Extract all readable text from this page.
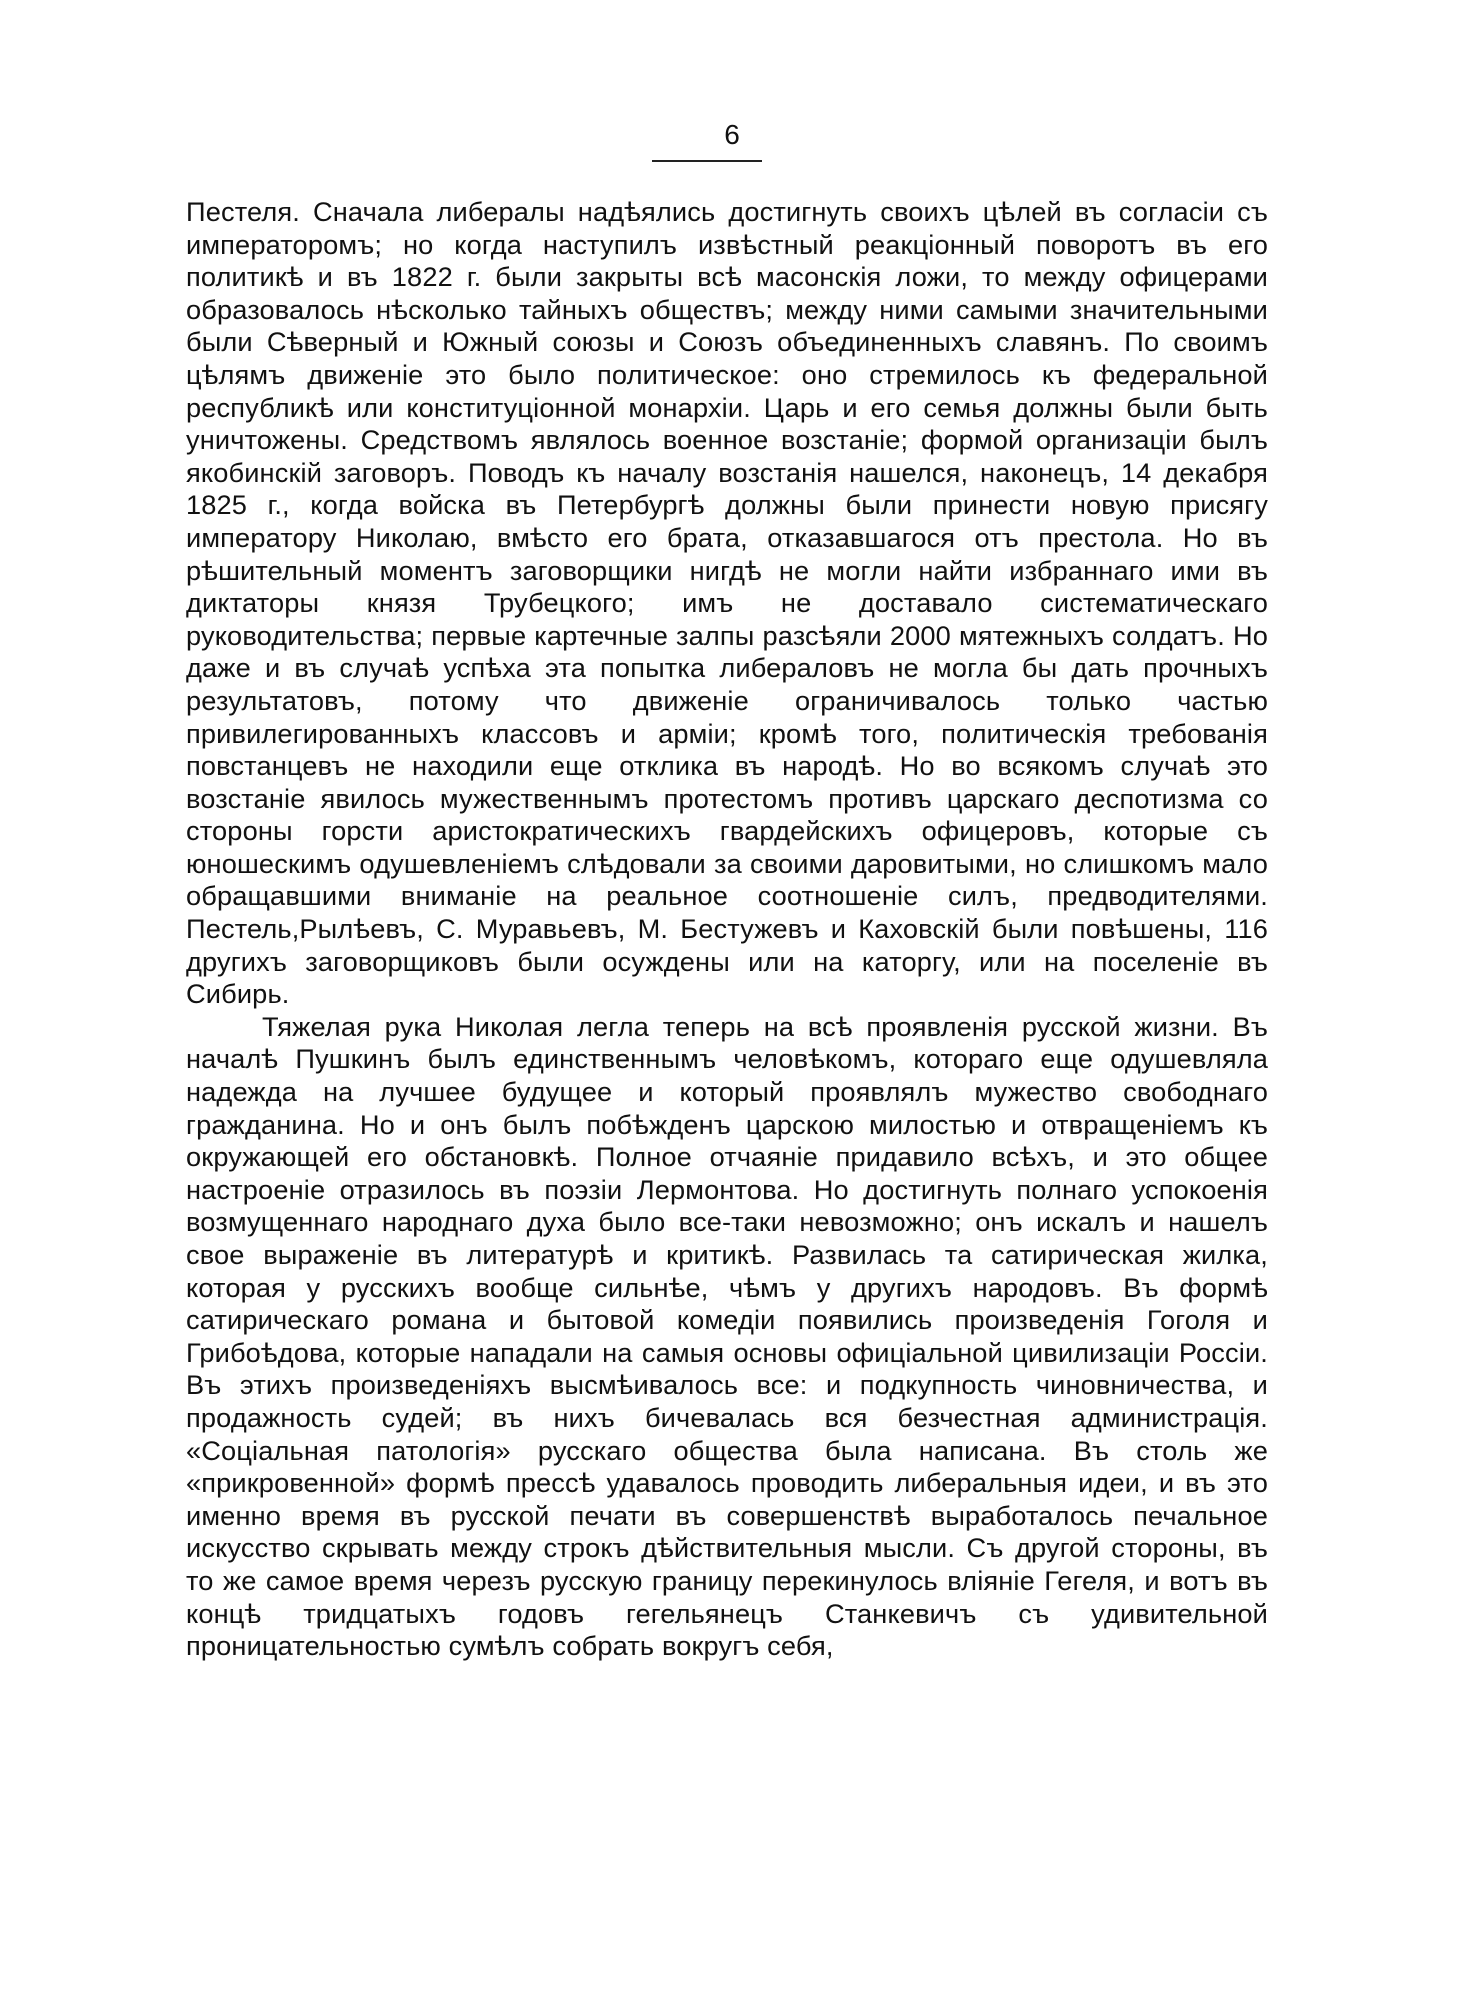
6

Пестеля. Сначала либералы надѣялись достигнуть своихъ цѣлей въ согласіи съ императоромъ; но когда наступилъ извѣстный реакціонный поворотъ въ его политикѣ и въ 1822 г. были закрыты всѣ масонскія ложи, то между офицерами образовалось нѣсколько тайныхъ обществъ; между ними самыми значительными были Сѣверный и Южный союзы и Союзъ объединенныхъ славянъ. По своимъ цѣлямъ движеніе это было политическое: оно стремилось къ федеральной республикѣ или конституціонной монархіи. Царь и его семья должны были быть уничтожены. Средствомъ являлось военное возстаніе; формой организаціи былъ якобинскій заговоръ. Поводъ къ началу возстанія нашелся, наконецъ, 14 декабря 1825 г., когда войска въ Петербургѣ должны были принести новую присягу императору Николаю, вмѣсто его брата, отказавшагося отъ престола. Но въ рѣшительный моментъ заговорщики нигдѣ не могли найти избраннаго ими въ диктаторы князя Трубецкого; имъ не доставало систематическаго руководительства; первые картечные залпы разсѣяли 2000 мятежныхъ солдатъ. Но даже и въ случаѣ успѣха эта попытка либераловъ не могла бы дать прочныхъ результатовъ, потому что движеніе ограничивалось только частью привилегированныхъ классовъ и арміи; кромѣ того, политическія требованія повстанцевъ не находили еще отклика въ народѣ. Но во всякомъ случаѣ это возстаніе явилось мужественнымъ протестомъ противъ царскаго деспотизма со стороны горсти аристократическихъ гвардейскихъ офицеровъ, которые съ юношескимъ одушевленіемъ слѣдовали за своими даровитыми, но слишкомъ мало обращавшими вниманіе на реальное соотношеніе силъ, предводителями. Пестель,Рылѣевъ, С. Муравьевъ, М. Бестужевъ и Каховскій были повѣшены, 116 другихъ заговорщиковъ были осуждены или на каторгу, или на поселеніе въ Сибирь.

Тяжелая рука Николая легла теперь на всѣ проявленія русской жизни. Въ началѣ Пушкинъ былъ единственнымъ человѣкомъ, котораго еще одушевляла надежда на лучшее будущее и который проявлялъ мужество свободнаго гражданина. Но и онъ былъ побѣжденъ царскою милостью и отвращеніемъ къ окружающей его обстановкѣ. Полное отчаяніе придавило всѣхъ, и это общее настроеніе отразилось въ поэзіи Лермонтова. Но достигнуть полнаго успокоенія возмущеннаго народнаго духа было все-таки невозможно; онъ искалъ и нашелъ свое выраженіе въ литературѣ и критикѣ. Развилась та сатирическая жилка, которая у русскихъ вообще сильнѣе, чѣмъ у другихъ народовъ. Въ формѣ сатирическаго романа и бытовой комедіи появились произведенія Гоголя и Грибоѣдова, которые нападали на самыя основы офиціальной цивилизаціи Россіи. Въ этихъ произведеніяхъ высмѣивалось все: и подкупность чиновничества, и продажность судей; въ нихъ бичевалась вся безчестная администрація. «Соціальная патологія» русскаго общества была написана. Въ столь же «прикровенной» формѣ прессѣ удавалось проводить либеральныя идеи, и въ это именно время въ русской печати въ совершенствѣ выработалось печальное искусство скрывать между строкъ дѣйствительныя мысли. Съ другой стороны, въ то же самое время черезъ русскую границу перекинулось вліяніе Гегеля, и вотъ въ концѣ тридцатыхъ годовъ гегельянецъ Станкевичъ съ удивительной проницательностью сумѣлъ собрать вокругъ себя,
